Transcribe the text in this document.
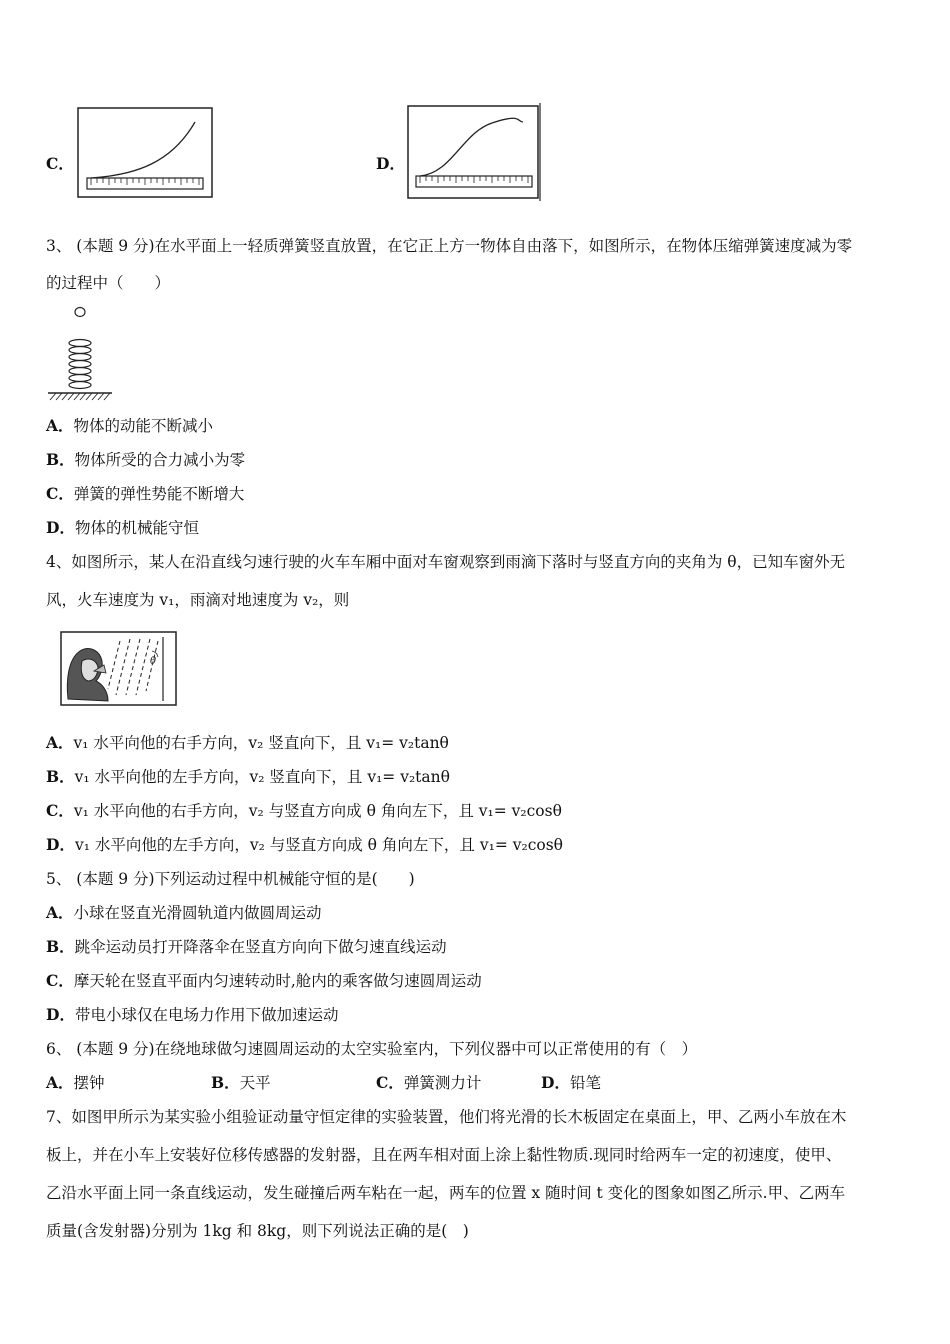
C．	D．
3、 (本题 9 分)在水平面上一轻质弹簧竖直放置，在它正上方一物体自由落下，如图所示，在物体压缩弹簧速度减为零
的过程中（　　）
A．物体的动能不断减小
B．物体所受的合力减小为零
C．弹簧的弹性势能不断增大
D．物体的机械能守恒
4、如图所示，某人在沿直线匀速行驶的火车车厢中面对车窗观察到雨滴下落时与竖直方向的夹角为 θ，已知车窗外无
风，火车速度为 v₁，雨滴对地速度为 v₂，则
θ
A．v₁ 水平向他的右手方向，v₂ 竖直向下，且 v₁= v₂tanθ
B．v₁ 水平向他的左手方向，v₂ 竖直向下，且 v₁= v₂tanθ
C．v₁ 水平向他的右手方向，v₂ 与竖直方向成 θ 角向左下，且 v₁= v₂cosθ
D．v₁ 水平向他的左手方向，v₂ 与竖直方向成 θ 角向左下，且 v₁= v₂cosθ
5、 (本题 9 分)下列运动过程中机械能守恒的是(　　)
A．小球在竖直光滑圆轨道内做圆周运动
B．跳伞运动员打开降落伞在竖直方向向下做匀速直线运动
C．摩天轮在竖直平面内匀速转动时,舱内的乘客做匀速圆周运动
D．带电小球仅在电场力作用下做加速运动
6、 (本题 9 分)在绕地球做匀速圆周运动的太空实验室内，下列仪器中可以正常使用的有（　）
A．摆钟	B．天平	C．弹簧测力计	D．铅笔
7、如图甲所示为某实验小组验证动量守恒定律的实验装置，他们将光滑的长木板固定在桌面上，甲、乙两小车放在木
板上，并在小车上安装好位移传感器的发射器，且在两车相对面上涂上黏性物质.现同时给两车一定的初速度，使甲、
乙沿水平面上同一条直线运动，发生碰撞后两车粘在一起，两车的位置 x 随时间 t 变化的图象如图乙所示.甲、乙两车
质量(含发射器)分别为 1kg 和 8kg，则下列说法正确的是(　)
